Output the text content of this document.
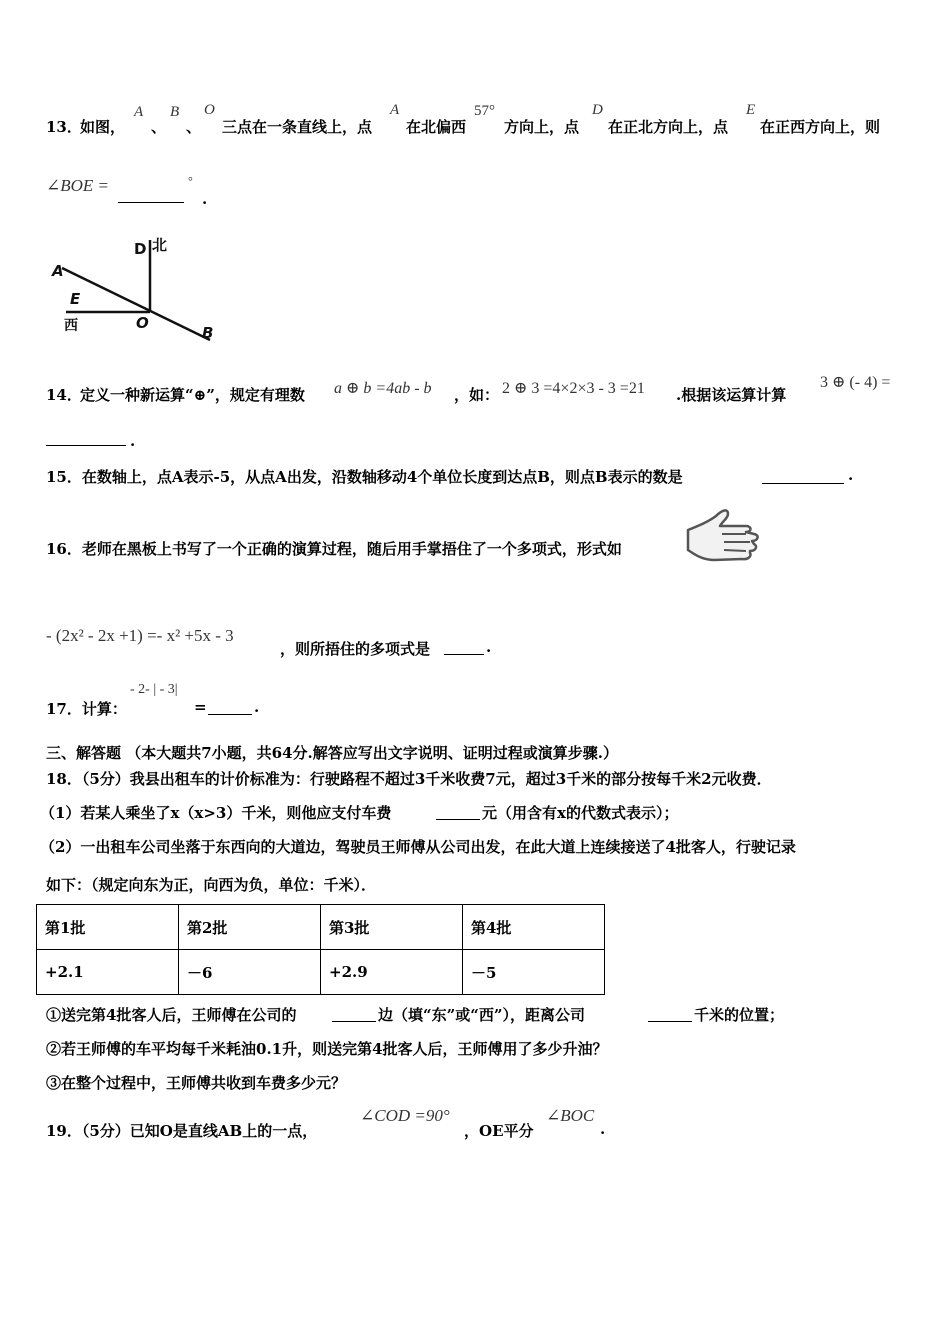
13．
如图，
A
、
B
、
O
三点在一条直线上，点
A
在北偏西
57°
方向上，点
D
在正北方向上，点
E
在正西方向上，则
∠BOE =	°
.
D 北
A
E
西	O
B
14．
定义一种新运算“⊕”，规定有理数 a ⊕ b =4ab - b ，如： 2 ⊕ 3 =4×2×3 - 3 =21 .根据该运算计算
3 ⊕ (- 4) =
.
15．在数轴上，点A表示-5，从点A出发，沿数轴移动4个单位长度到达点B，则点B表示的数是	.
16．老师在黑板上书写了一个正确的演算过程，随后用手掌捂住了一个多项式，形式如
- (2x² - 2x +1) =- x² +5x - 3
，则所捂住的多项式是	.
17．计算：
- 2- | - 3|
=	.
三、解答题 （本大题共7小题，共64分.解答应写出文字说明、证明过程或演算步骤.）
18．（5分）我县出租车的计价标准为：行驶路程不超过3千米收费7元，超过3千米的部分按每千米2元收费．
（1）若某人乘坐了x（x>3）千米，则他应支付车费	元（用含有x的代数式表示）；
（2）一出租车公司坐落于东西向的大道边，驾驶员王师傅从公司出发，在此大道上连续接送了4批客人，行驶记录
如下：（规定向东为正，向西为负，单位：千米）．
第1批	第2批	第3批	第4批
+2.1	－6	+2.9	－5
①送完第4批客人后，王师傅在公司的	边（填“东”或“西”），距离公司	千米的位置；
②若王师傅的车平均每千米耗油0.1升，则送完第4批客人后，王师傅用了多少升油？
③在整个过程中，王师傅共收到车费多少元？
19．（5分）已知O是直线AB上的一点，
∠COD =90°
，OE平分
∠BOC
.
